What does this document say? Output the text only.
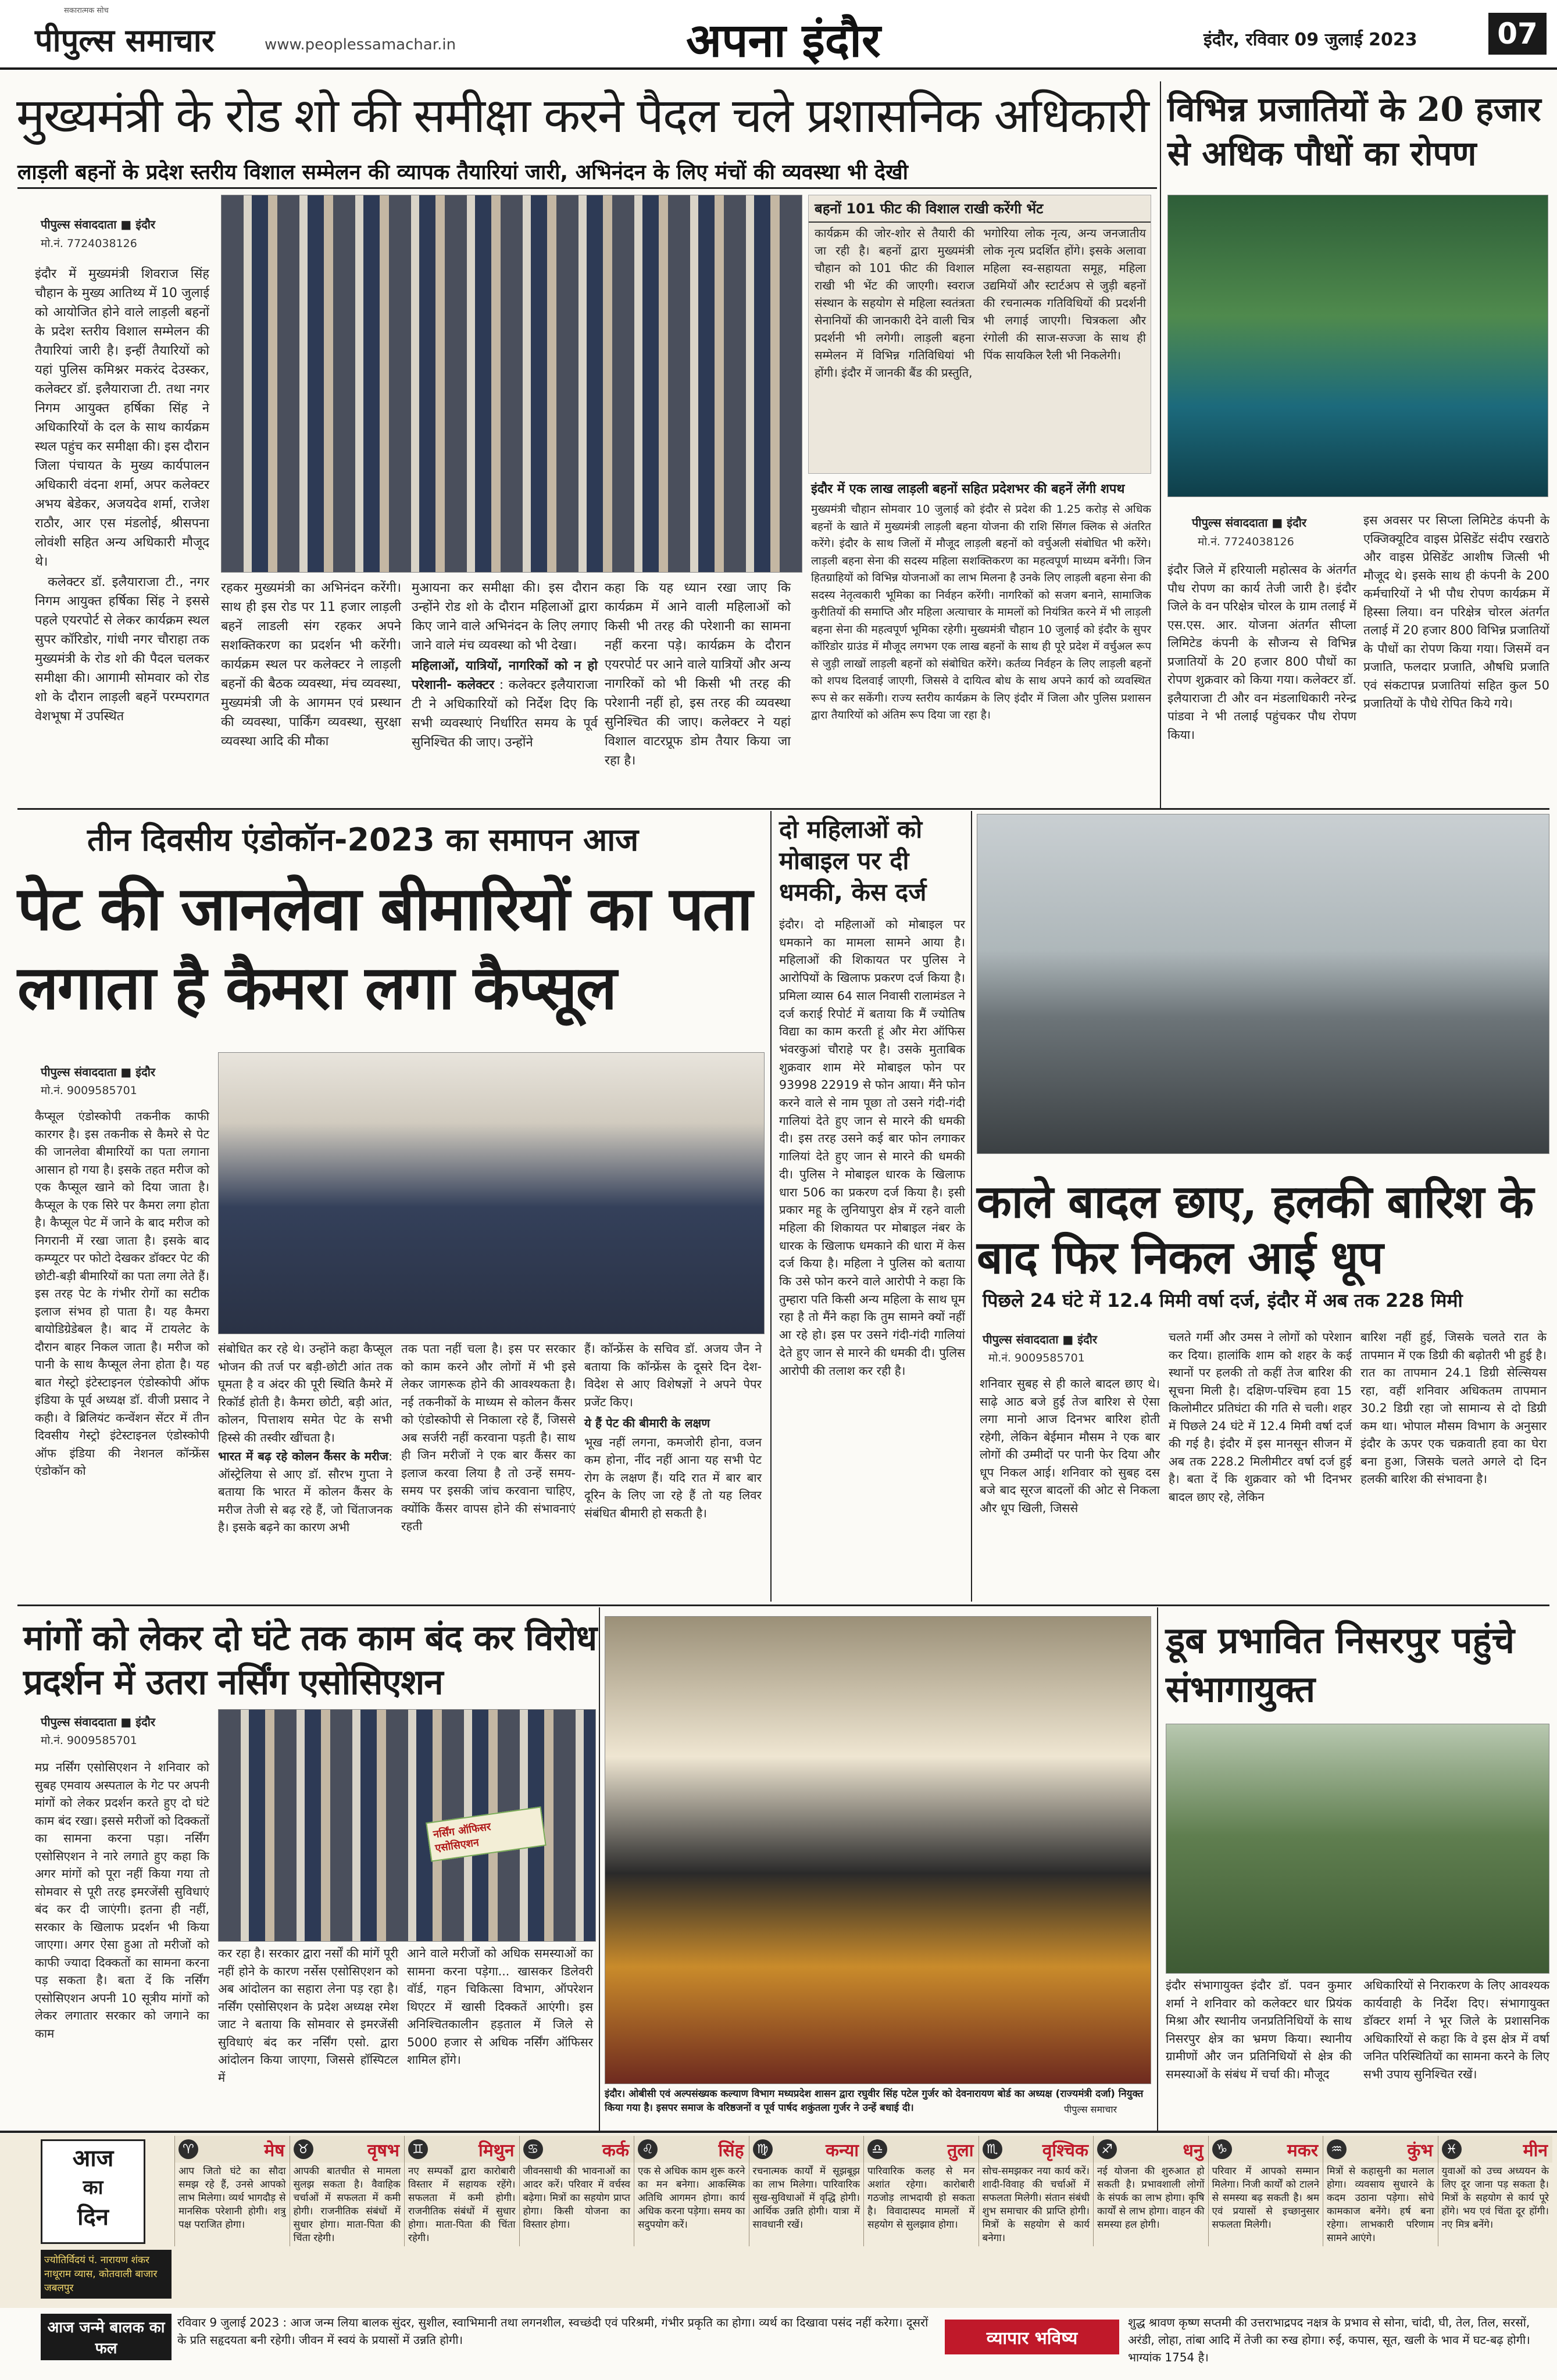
सकारात्मक सोच
पीपुल्स समाचार	www.peoplessamachar.in	अपना इंदौर	इंदौर, रविवार 09 जुलाई 2023	07
मुख्यमंत्री के रोड शो की समीक्षा करने पैदल चले प्रशासनिक अधिकारी
लाड़ली बहनों के प्रदेश स्तरीय विशाल सम्मेलन की व्यापक तैयारियां जारी, अभिनंदन के लिए मंचों की व्यवस्था भी देखी
पीपुल्स संवाददाता ■ इंदौर
मो.नं. 7724038126

इंदौर में मुख्यमंत्री शिवराज सिंह चौहान के मुख्य आतिथ्य में 10 जुलाई को आयोजित होने वाले लाड़ली बहनों के प्रदेश स्तरीय विशाल सम्मेलन की तैयारियां जारी है। इन्हीं तैयारियों को यहां पुलिस कमिश्नर मकरंद देउस्कर, कलेक्टर डॉ. इलैयाराजा टी. तथा नगर निगम आयुक्त हर्षिका सिंह ने अधिकारियों के दल के साथ कार्यक्रम स्थल पहुंच कर समीक्षा की। इस दौरान जिला पंचायत के मुख्य कार्यपालन अधिकारी वंदना शर्मा, अपर कलेक्टर अभय बेडेकर, अजयदेव शर्मा, राजेश राठौर, आर एस मंडलोई, श्रीसपना लोवंशी सहित अन्य अधिकारी मौजूद थे।

कलेक्टर डॉ. इलैयाराजा टी., नगर निगम आयुक्त हर्षिका सिंह ने इससे पहले एयरपोर्ट से लेकर कार्यक्रम स्थल सुपर कॉरिडोर, गांधी नगर चौराहा तक मुख्यमंत्री के रोड शो की पैदल चलकर समीक्षा की। आगामी सोमवार को रोड शो के दौरान लाड़ली बहनें परम्परागत वेशभूषा में उपस्थित

रहकर मुख्यमंत्री का अभिनंदन करेंगी। साथ ही इस रोड पर 11 हजार लाड़ली बहनें लाडली संग रहकर अपने सशक्तिकरण का प्रदर्शन भी करेंगी। कार्यक्रम स्थल पर कलेक्टर ने लाड़ली बहनों की बैठक व्यवस्था, मंच व्यवस्था, मुख्यमंत्री जी के आगमन एवं प्रस्थान की व्यवस्था, पार्किंग व्यवस्था, सुरक्षा व्यवस्था आदि की मौका

मुआयना कर समीक्षा की। इस दौरान उन्होंने रोड शो के दौरान महिलाओं द्वारा किए जाने वाले अभिनंदन के लिए लगाए जाने वाले मंच व्यवस्था को भी देखा।

महिलाओं, यात्रियों, नागरिकों को न हो परेशानी- कलेक्टर : कलेक्टर इलैयाराजा टी ने अधिकारियों को निर्देश दिए कि सभी व्यवस्थाएं निर्धारित समय के पूर्व सुनिश्चित की जाए। उन्होंने

कहा कि यह ध्यान रखा जाए कि कार्यक्रम में आने वाली महिलाओं को किसी भी तरह की परेशानी का सामना नहीं करना पड़े। कार्यक्रम के दौरान एयरपोर्ट पर आने वाले यात्रियों और अन्य नागरिकों को भी किसी भी तरह की परेशानी नहीं हो, इस तरह की व्यवस्था सुनिश्चित की जाए। कलेक्टर ने यहां विशाल वाटरप्रूफ डोम तैयार किया जा रहा है।

बहनों 101 फीट की विशाल राखी करेंगी भेंट
कार्यक्रम की जोर-शोर से तैयारी की जा रही है। बहनों द्वारा मुख्यमंत्री चौहान को 101 फीट की विशाल राखी भी भेंट की जाएगी। स्वराज संस्थान के सहयोग से महिला स्वतंत्रता सेनानियों की जानकारी देने वाली चित्र प्रदर्शनी भी लगेगी। लाड़ली बहना सम्मेलन में विभिन्न गतिविधियां भी होंगी। इंदौर में जानकी बैंड की प्रस्तुति,
भगोरिया लोक नृत्य, अन्य जनजातीय लोक नृत्य प्रदर्शित होंगे। इसके अलावा महिला स्व-सहायता समूह, महिला उद्यमियों और स्टार्टअप से जुड़ी बहनों की रचनात्मक गतिविधियों की प्रदर्शनी भी लगाई जाएगी। चित्रकला और रंगोली की साज-सज्जा के साथ ही पिंक सायकिल रैली भी निकलेगी।
इंदौर में एक लाख लाड़ली बहनों सहित प्रदेशभर की बहनें लेंगी शपथ
मुख्यमंत्री चौहान सोमवार 10 जुलाई को इंदौर से प्रदेश की 1.25 करोड़ से अधिक बहनों के खाते में मुख्यमंत्री लाड़ली बहना योजना की राशि सिंगल क्लिक से अंतरित करेंगे। इंदौर के साथ जिलों में मौजूद लाड़ली बहनों को वर्चुअली संबोधित भी करेंगे। लाड़ली बहना सेना की सदस्य महिला सशक्तिकरण का महत्वपूर्ण माध्यम बनेंगी। जिन हितग्राहियों को विभिन्न योजनाओं का लाभ मिलना है उनके लिए लाड़ली बहना सेना की सदस्य नेतृत्वकारी भूमिका का निर्वहन करेंगी। नागरिकों को सजग बनाने, सामाजिक कुरीतियों की समाप्ति और महिला अत्याचार के मामलों को नियंत्रित करने में भी लाड़ली बहना सेना की महत्वपूर्ण भूमिका रहेगी। मुख्यमंत्री चौहान 10 जुलाई को इंदौर के सुपर कॉरिडोर ग्राउंड में मौजूद लगभग एक लाख बहनों के साथ ही पूरे प्रदेश में वर्चुअल रूप से जुड़ी लाखों लाड़ली बहनों को संबोधित करेंगे। कर्तव्य निर्वहन के लिए लाड़ली बहनों को शपथ दिलवाई जाएगी, जिससे वे दायित्व बोध के साथ अपने कार्य को व्यवस्थित रूप से कर सकेंगी। राज्य स्तरीय कार्यक्रम के लिए इंदौर में जिला और पुलिस प्रशासन द्वारा तैयारियों को अंतिम रूप दिया जा रहा है।
विभिन्न प्रजातियों के 20 हजार से अधिक पौधों का रोपण
पीपुल्स संवाददाता ■ इंदौर
मो.नं. 7724038126
इंदौर जिले में हरियाली महोत्सव के अंतर्गत पौध रोपण का कार्य तेजी जारी है। इंदौर जिले के वन परिक्षेत्र चोरल के ग्राम तलाई में एस.एस. आर. योजना अंतर्गत सीप्ला लिमिटेड कंपनी के सौजन्य से विभिन्न प्रजातियों के 20 हजार 800 पौधों का रोपण शुक्रवार को किया गया। कलेक्टर डॉ. इलैयाराजा टी और वन मंडलाधिकारी नरेन्द्र पांडवा ने भी तलाई पहुंचकर पौध रोपण किया।
इस अवसर पर सिप्ला लिमिटेड कंपनी के एक्जिक्यूटिव वाइस प्रेसिडेंट संदीप रखराठे और वाइस प्रेसिडेंट आशीष जित्सी भी मौजूद थे। इसके साथ ही कंपनी के 200 कर्मचारियों ने भी पौध रोपण कार्यक्रम में हिस्सा लिया। वन परिक्षेत्र चोरल अंतर्गत तलाई में 20 हजार 800 विभिन्न प्रजातियों के पौधों का रोपण किया गया। जिसमें वन प्रजाति, फलदार प्रजाति, औषधि प्रजाति एवं संकटापन्न प्रजातियां सहित कुल 50 प्रजातियों के पौधे रोपित किये गये।
तीन दिवसीय एंडोकॉन-2023 का समापन आज
पेट की जानलेवा बीमारियों का पता लगाता है कैमरा लगा कैप्सूल
पीपुल्स संवाददाता ■ इंदौर
मो.नं. 9009585701
कैप्सूल एंडोस्कोपी तकनीक काफी कारगर है। इस तकनीक से कैमरे से पेट की जानलेवा बीमारियों का पता लगाना आसान हो गया है। इसके तहत मरीज को एक कैप्सूल खाने को दिया जाता है। कैप्सूल के एक सिरे पर कैमरा लगा होता है। कैप्सूल पेट में जाने के बाद मरीज को निगरानी में रखा जाता है। इसके बाद कम्प्यूटर पर फोटो देखकर डॉक्टर पेट की छोटी-बड़ी बीमारियों का पता लगा लेते हैं। इस तरह पेट के गंभीर रोगों का सटीक इलाज संभव हो पाता है। यह कैमरा बायोडिग्रेडेबल है। बाद में टायलेट के दौरान बाहर निकल जाता है। मरीज को पानी के साथ कैप्सूल लेना होता है। यह बात गेस्ट्रो इंटेस्टाइनल एंडोस्कोपी ऑफ इंडिया के पूर्व अध्यक्ष डॉ. वीजी प्रसाद ने कही। वे ब्रिलियंट कन्वेंशन सेंटर में तीन दिवसीय गेस्ट्रो इंटेस्टाइनल एंडोस्कोपी ऑफ इंडिया की नेशनल कॉन्फ्रेंस एंडोकॉन को

संबोधित कर रहे थे। उन्होंने कहा कैप्सूल भोजन की तर्ज पर बड़ी-छोटी आंत तक घूमता है व अंदर की पूरी स्थिति कैमरे में रिकॉर्ड होती है। कैमरा छोटी, बड़ी आंत, कोलन, पित्ताशय समेत पेट के सभी हिस्से की तस्वीर खींचता है।

भारत में बढ़ रहे कोलन कैंसर के मरीज: ऑस्ट्रेलिया से आए डॉ. सौरभ गुप्ता ने बताया कि भारत में कोलन कैंसर के मरीज तेजी से बढ़ रहे हैं, जो चिंताजनक है। इसके बढ़ने का कारण अभी

तक पता नहीं चला है। इस पर सरकार को काम करने और लोगों में भी इसे लेकर जागरूक होने की आवश्यकता है। नई तकनीकों के माध्यम से कोलन कैंसर को एंडोस्कोपी से निकाला रहे हैं, जिससे अब सर्जरी नहीं करवाना पड़ती है। साथ ही जिन मरीजों ने एक बार कैंसर का इलाज करवा लिया है तो उन्हें समय-समय पर इसकी जांच करवाना चाहिए, क्योंकि कैंसर वापस होने की संभावनाएं रहती

हैं। कॉन्फ्रेंस के सचिव डॉ. अजय जैन ने बताया कि कॉन्फ्रेंस के दूसरे दिन देश-विदेश से आए विशेषज्ञों ने अपने पेपर प्रजेंट किए।

ये हैं पेट की बीमारी के लक्षण

भूख नहीं लगना, कमजोरी होना, वजन कम होना, नींद नहीं आना यह सभी पेट रोग के लक्षण हैं। यदि रात में बार बार दूरिन के लिए जा रहे हैं तो यह लिवर संबंधित बीमारी हो सकती है।

दो महिलाओं को मोबाइल पर दी धमकी, केस दर्ज
इंदौर। दो महिलाओं को मोबाइल पर धमकाने का मामला सामने आया है। महिलाओं की शिकायत पर पुलिस ने आरोपियों के खिलाफ प्रकरण दर्ज किया है। प्रमिला व्यास 64 साल निवासी रालामंडल ने दर्ज कराई रिपोर्ट में बताया कि मैं ज्योतिष विद्या का काम करती हूं और मेरा ऑफिस भंवरकुआं चौराहे पर है। उसके मुताबिक शुक्रवार शाम मेरे मोबाइल फोन पर 93998 22919 से फोन आया। मैंने फोन करने वाले से नाम पूछा तो उसने गंदी-गंदी गालियां देते हुए जान से मारने की धमकी दी। इस तरह उसने कई बार फोन लगाकर गालियां देते हुए जान से मारने की धमकी दी। पुलिस ने मोबाइल धारक के खिलाफ धारा 506 का प्रकरण दर्ज किया है। इसी प्रकार महू के लुनियापुरा क्षेत्र में रहने वाली महिला की शिकायत पर मोबाइल नंबर के धारक के खिलाफ धमकाने की धारा में केस दर्ज किया है। महिला ने पुलिस को बताया कि उसे फोन करने वाले आरोपी ने कहा कि तुम्हारा पति किसी अन्य महिला के साथ घूम रहा है तो मैंने कहा कि तुम सामने क्यों नहीं आ रहे हो। इस पर उसने गंदी-गंदी गालियां देते हुए जान से मारने की धमकी दी। पुलिस आरोपी की तलाश कर रही है।
काले बादल छाए, हलकी बारिश के बाद फिर निकल आई धूप
पिछले 24 घंटे में 12.4 मिमी वर्षा दर्ज, इंदौर में अब तक 228 मिमी
पीपुल्स संवाददाता ■ इंदौर
मो.नं. 9009585701
शनिवार सुबह से ही काले बादल छाए थे। साढ़े आठ बजे हुई तेज बारिश से ऐसा लगा मानो आज दिनभर बारिश होती रहेगी, लेकिन बेईमान मौसम ने एक बार लोगों की उम्मीदों पर पानी फेर दिया और धूप निकल आई। शनिवार को सुबह दस बजे बाद सूरज बादलों की ओट से निकला और धूप खिली, जिससे
चलते गर्मी और उमस ने लोगों को परेशान कर दिया। हालांकि शाम को शहर के कई स्थानों पर हलकी तो कहीं तेज बारिश की सूचना मिली है। दक्षिण-पश्चिम हवा 15 किलोमीटर प्रतिघंटा की गति से चली। शहर में पिछले 24 घंटे में 12.4 मिमी वर्षा दर्ज की गई है। इंदौर में इस मानसून सीजन में अब तक 228.2 मिलीमीटर वर्षा दर्ज हुई है। बता दें कि शुक्रवार को भी दिनभर बादल छाए रहे, लेकिन
बारिश नहीं हुई, जिसके चलते रात के तापमान में एक डिग्री की बढ़ोतरी भी हुई है। रात का तापमान 24.1 डिग्री सेल्सियस रहा, वहीं शनिवार अधिकतम तापमान 30.2 डिग्री रहा जो सामान्य से दो डिग्री कम था। भोपाल मौसम विभाग के अनुसार इंदौर के ऊपर एक चक्रवाती हवा का घेरा बना हुआ, जिसके चलते अगले दो दिन हलकी बारिश की संभावना है।
मांगों को लेकर दो घंटे तक काम बंद कर विरोध प्रदर्शन में उतरा नर्सिंग एसोसिएशन
पीपुल्स संवाददाता ■ इंदौर
मो.नं. 9009585701
मप्र नर्सिंग एसोसिएशन ने शनिवार को सुबह एमवाय अस्पताल के गेट पर अपनी मांगों को लेकर प्रदर्शन करते हुए दो घंटे काम बंद रखा। इससे मरीजों को दिक्कतों का सामना करना पड़ा। नर्सिंग एसोसिएशन ने नारे लगाते हुए कहा कि अगर मांगों को पूरा नहीं किया गया तो सोमवार से पूरी तरह इमरजेंसी सुविधाएं बंद कर दी जाएंगी। इतना ही नहीं, सरकार के खिलाफ प्रदर्शन भी किया जाएगा। अगर ऐसा हुआ तो मरीजों को काफी ज्यादा दिक्कतों का सामना करना पड़ सकता है। बता दें कि नर्सिंग एसोसिएशन अपनी 10 सूत्रीय मांगों को लेकर लगातार सरकार को जगाने का काम
नर्सिंग ऑफिसर एसोसिएशन
कर रहा है। सरकार द्वारा नर्सों की मांगें पूरी नहीं होने के कारण नर्सेस एसोसिएशन को अब आंदोलन का सहारा लेना पड़ रहा है। नर्सिंग एसोसिएशन के प्रदेश अध्यक्ष रमेश जाट ने बताया कि सोमवार से इमरजेंसी सुविधाएं बंद कर नर्सिंग एसो. द्वारा आंदोलन किया जाएगा, जिससे हॉस्पिटल में
आने वाले मरीजों को अधिक समस्याओं का सामना करना पड़ेगा... खासकर डिलेवरी वॉर्ड, गहन चिकित्सा विभाग, ऑपरेशन थिएटर में खासी दिक्कतें आएंगी। इस अनिश्चितकालीन हड़ताल में जिले से 5000 हजार से अधिक नर्सिंग ऑफिसर शामिल होंगे।
इंदौर। ओबीसी एवं अल्पसंख्यक कल्याण विभाग मध्यप्रदेश शासन द्वारा रघुवीर सिंह पटेल गुर्जर को देवनारायण बोर्ड का अध्यक्ष (राज्यमंत्री दर्जा) नियुक्त किया गया है। इसपर समाज के वरिष्ठजनों व पूर्व पार्षद शकुंतला गुर्जर ने उन्हें बधाई दी।	पीपुल्स समाचार
डूब प्रभावित निसरपुर पहुंचे संभागायुक्त
इंदौर संभागायुक्त इंदौर डॉ. पवन कुमार शर्मा ने शनिवार को कलेक्टर धार प्रियंक मिश्रा और स्थानीय जनप्रतिनिधियों के साथ निसरपुर क्षेत्र का भ्रमण किया। स्थानीय ग्रामीणों और जन प्रतिनिधियों से क्षेत्र की समस्याओं के संबंध में चर्चा की। मौजूद
अधिकारियों से निराकरण के लिए आवश्यक कार्यवाही के निर्देश दिए। संभागायुक्त डॉक्टर शर्मा ने भूर जिले के प्रशासनिक अधिकारियों से कहा कि वे इस क्षेत्र में वर्षा जनित परिस्थितियों का सामना करने के लिए सभी उपाय सुनिश्चित रखें।
आज
का
दिन
ज्योतिर्विदयं पं. नारायण शंकर नाथूराम व्यास, कोतवाली बाजार जबलपुर
♈	मेष
आप जितो घंटे का सौदा समझ रहे हैं, उनसे आपको लाभ मिलेगा। व्यर्थ भागदौड़ से मानसिक परेशानी होगी। शत्रु पक्ष पराजित होगा।
♉	वृषभ
आपकी बातचीत से मामला सुलझ सकता है। वैवाहिक चर्चाओं में सफलता में कमी होगी। राजनीतिक संबंधों में सुधार होगा। माता-पिता की चिंता रहेगी।
♊	मिथुन
नए सम्पर्कों द्वारा कारोबारी विस्तार में सहायक रहेंगे। सफलता में कमी होगी। राजनीतिक संबंधों में सुधार होगा। माता-पिता की चिंता रहेगी।
♋	कर्क
जीवनसाथी की भावनाओं का आदर करें। परिवार में वर्चस्व बढ़ेगा। मित्रों का सहयोग प्राप्त होगा। किसी योजना का विस्तार होगा।
♌	सिंह
एक से अधिक काम शुरू करने का मन बनेगा। आकस्मिक अतिथि आगमन होगा। कार्य अधिक करना पड़ेगा। समय का सदुपयोग करें।
♍	कन्या
रचनात्मक कार्यों में सूझबूझ का लाभ मिलेगा। पारिवारिक सुख-सुविधाओं में वृद्धि होगी। आर्थिक उन्नति होगी। यात्रा में सावधानी रखें।
♎	तुला
पारिवारिक कलह से मन अशांत रहेगा। कारोबारी गठजोड़ लाभदायी हो सकता है। विवादास्पद मामलों में सहयोग से सुलझाव होगा।
♏	वृश्चिक
सोच-समझकर नया कार्य करें। शादी-विवाह की चर्चाओं में सफलता मिलेगी। संतान संबंधी शुभ समाचार की प्राप्ति होगी। मित्रों के सहयोग से कार्य बनेगा।
♐	धनु
नई योजना की शुरुआत हो सकती है। प्रभावशाली लोगों के संपर्क का लाभ होगा। कृषि कार्यों से लाभ होगा। वाहन की समस्या हल होगी।
♑	मकर
परिवार में आपको सम्मान मिलेगा। निजी कार्यों को टालने से समस्या बढ़ सकती है। श्रम एवं प्रयासों से इच्छानुसार सफलता मिलेगी।
♒	कुंभ
मित्रों से कहासुनी का मलाल होगा। व्यवसाय सुधारने के कदम उठाना पड़ेगा। सोचे कामकाज बनेंगे। हर्ष बना रहेगा। लाभकारी परिणाम सामने आएंगे।
♓	मीन
युवाओं को उच्च अध्ययन के लिए दूर जाना पड़ सकता है। मित्रों के सहयोग से कार्य पूरे होंगे। भय एवं चिंता दूर होंगी। नए मित्र बनेंगे।
आज जन्मे बालक का फल
रविवार 9 जुलाई 2023 : आज जन्म लिया बालक सुंदर, सुशील, स्वाभिमानी तथा लगनशील, स्वच्छंदी एवं परिश्रमी, गंभीर प्रकृति का होगा। व्यर्थ का दिखावा पसंद नहीं करेगा। दूसरों के प्रति सहृदयता बनी रहेगी। जीवन में स्वयं के प्रयासों में उन्नति होगी।	व्यापार भविष्य
शुद्ध श्रावण कृष्ण सप्तमी की उत्तराभाद्रपद नक्षत्र के प्रभाव से सोना, चांदी, घी, तेल, तिल, सरसों, अरंडी, लोहा, तांबा आदि में तेजी का रुख होगा। रुई, कपास, सूत, खली के भाव में घट-बढ़ होगी। भाग्यांक 1754 है।
